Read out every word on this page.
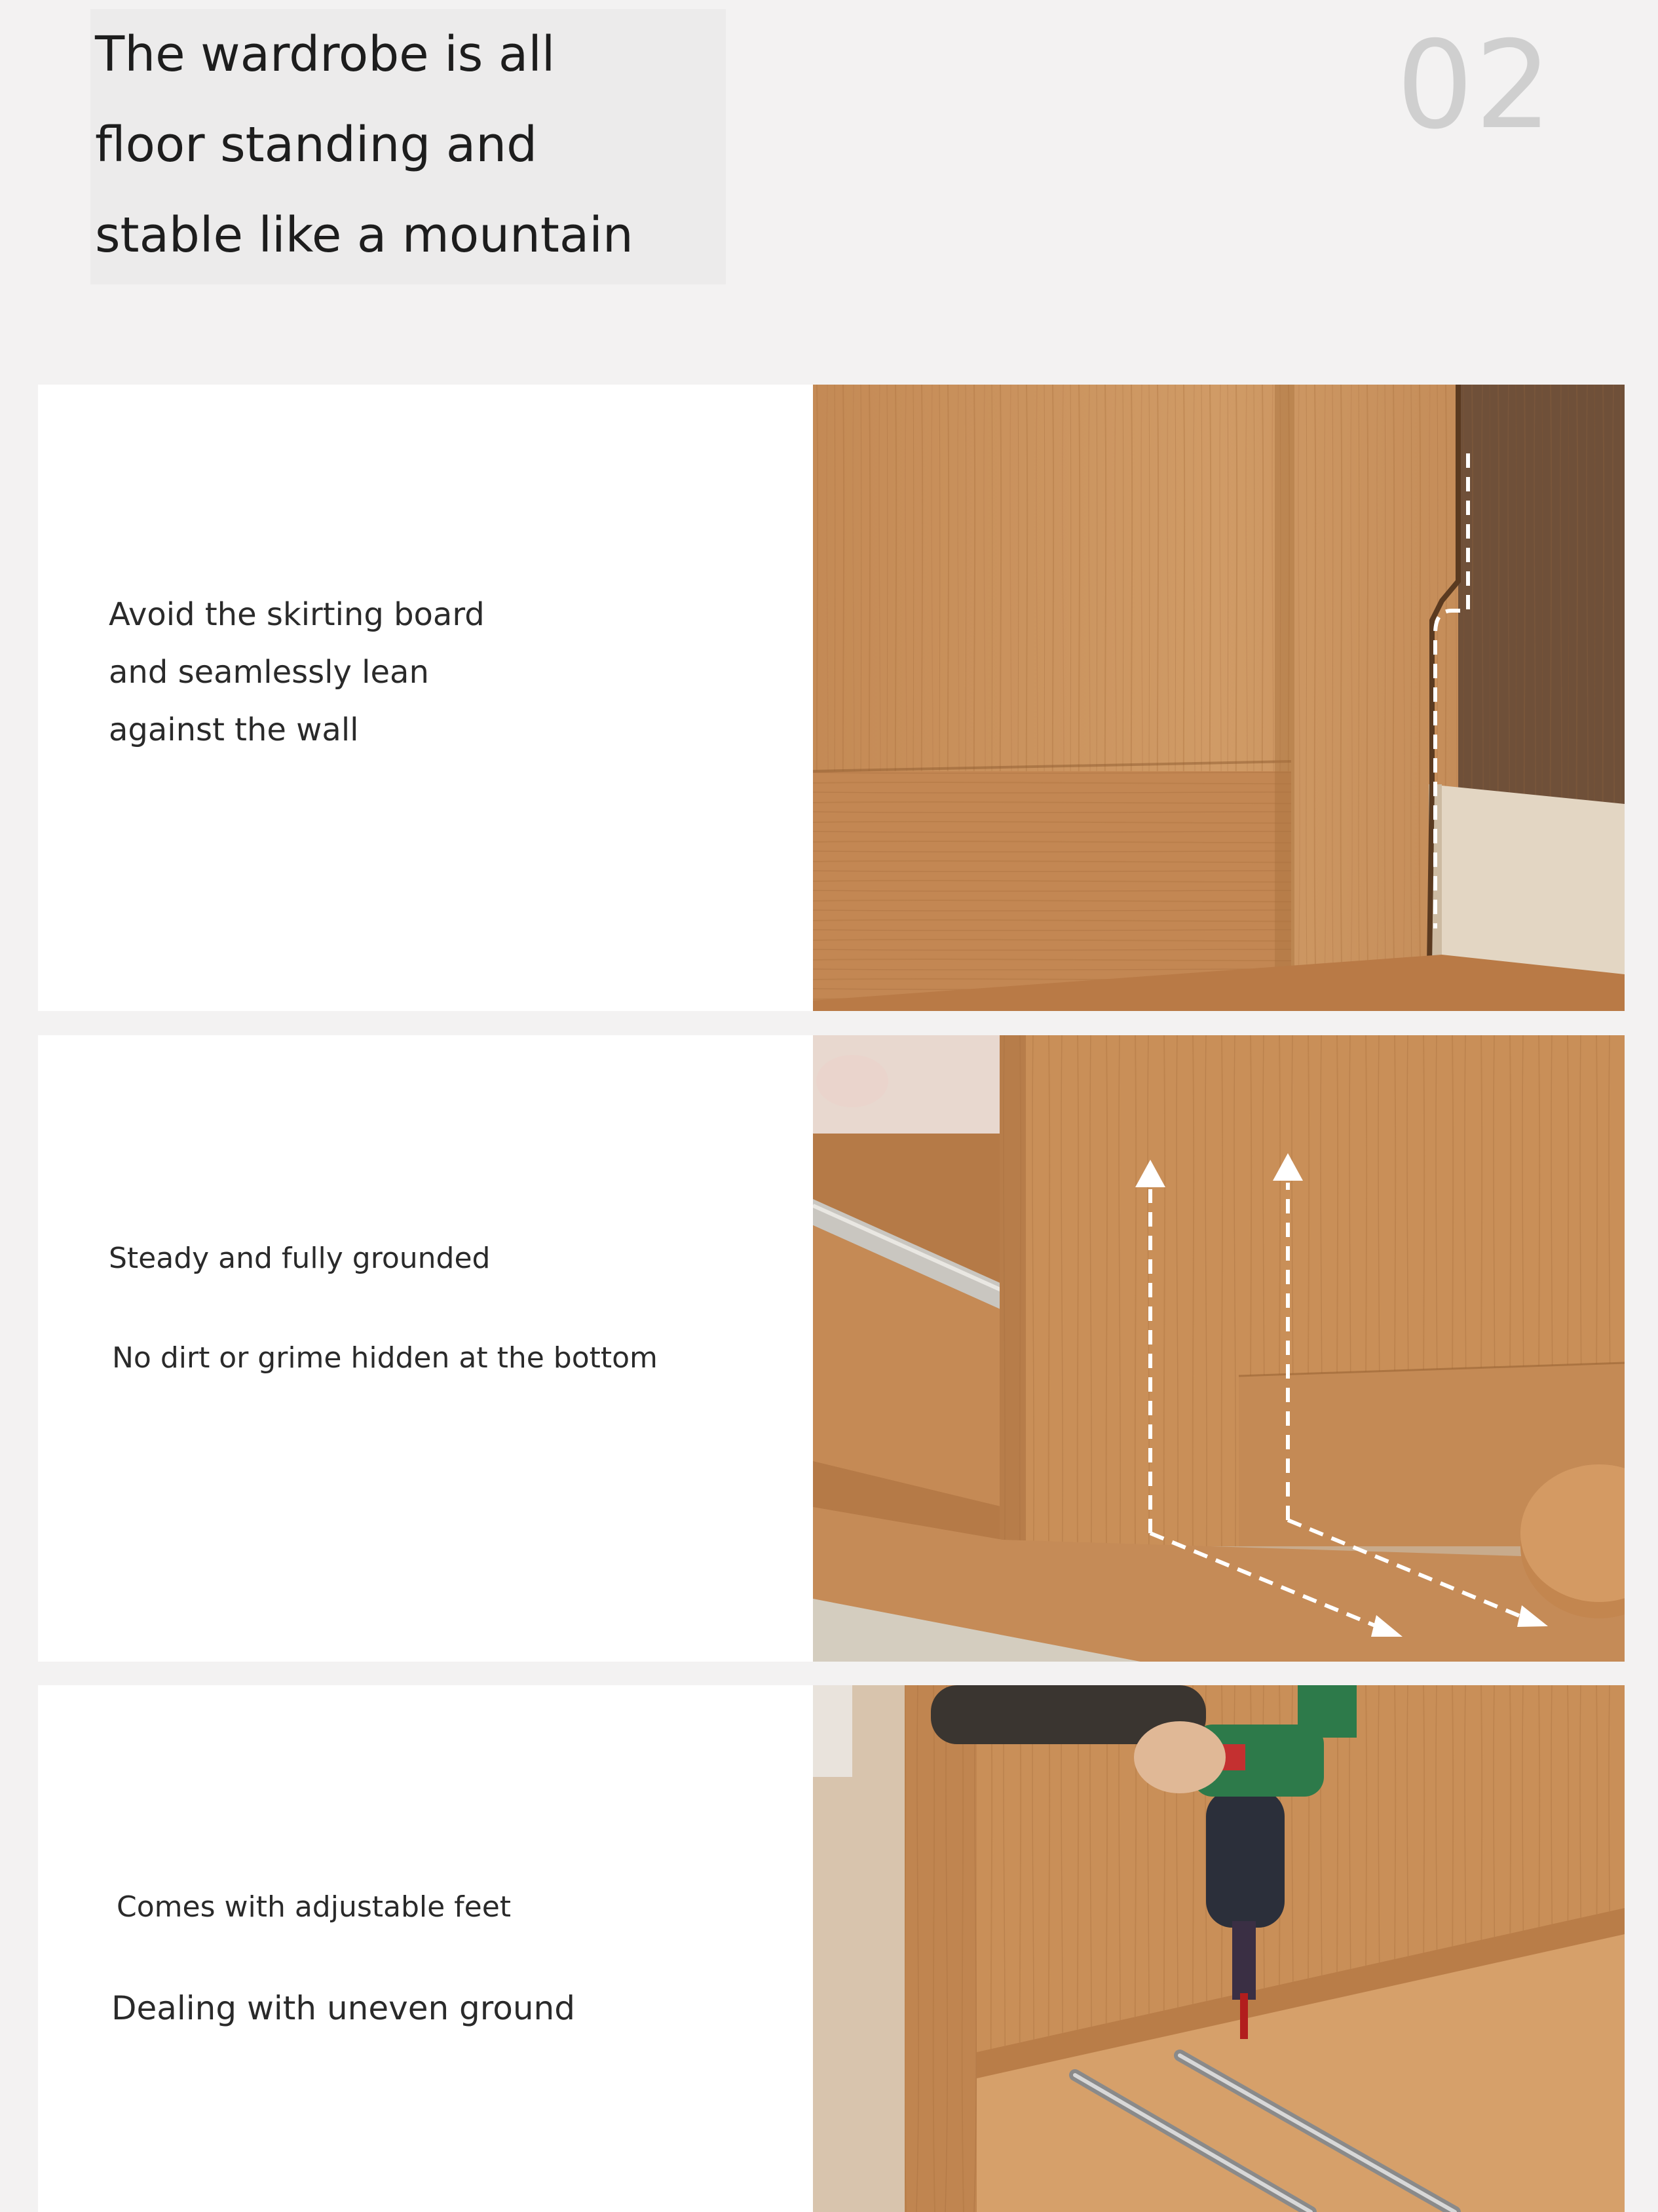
The wardrobe is all
floor standing and
stable like a mountain
02
Avoid the skirting board
and seamlessly lean
against the wall
Steady and fully grounded
No dirt or grime hidden at the bottom
Comes with adjustable feet
Dealing with uneven ground
